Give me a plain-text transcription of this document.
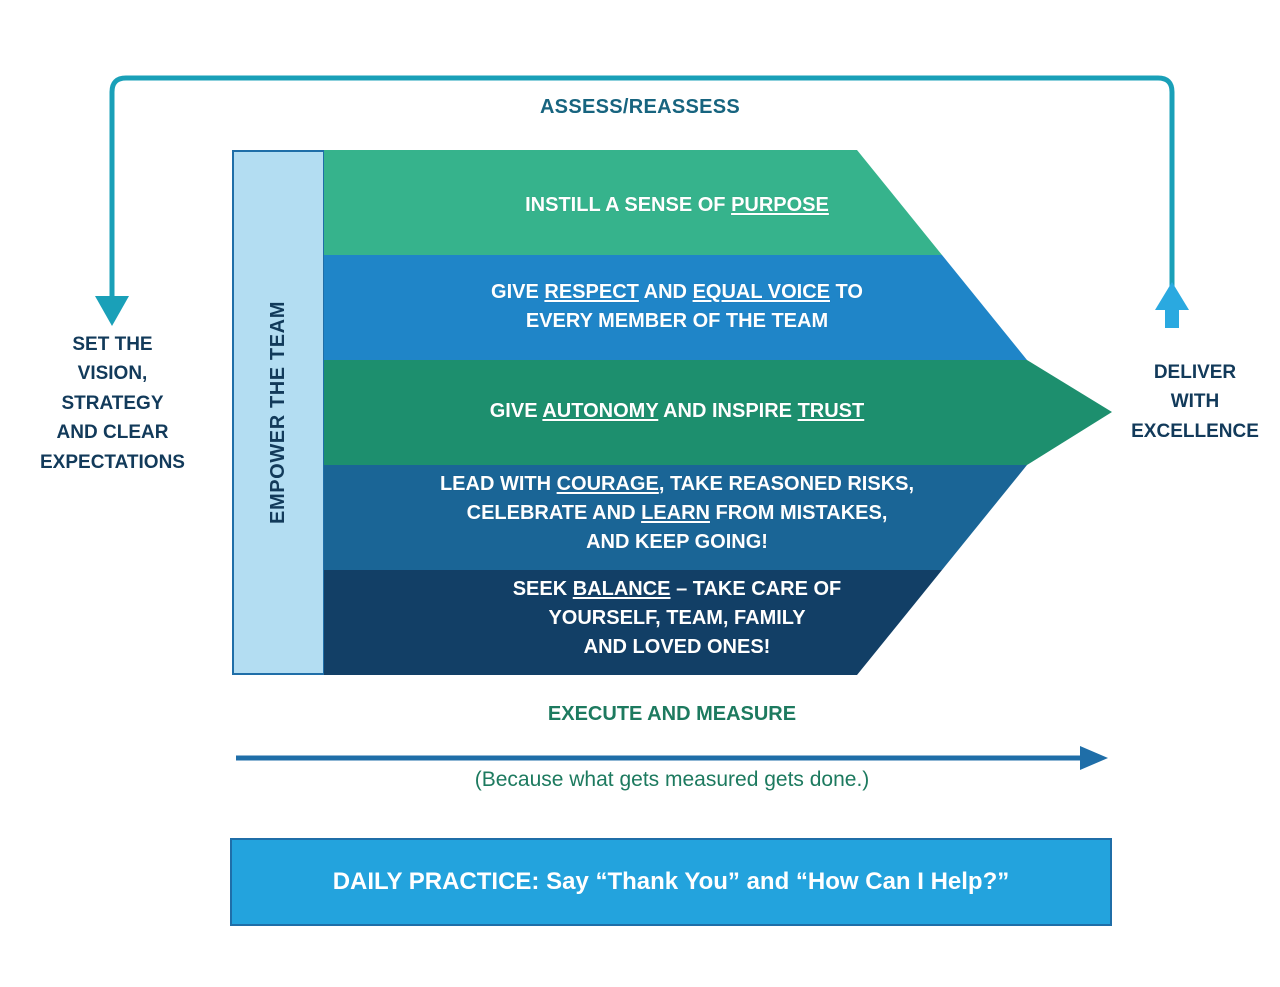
ASSESS/REASSESS
SET THE
VISION,
STRATEGY
AND CLEAR
EXPECTATIONS
DELIVER
WITH
EXCELLENCE
EMPOWER THE TEAM
INSTILL A SENSE OF PURPOSE
GIVE RESPECT AND EQUAL VOICE TO
EVERY MEMBER OF THE TEAM
GIVE AUTONOMY AND INSPIRE TRUST
LEAD WITH COURAGE, TAKE REASONED RISKS,
CELEBRATE AND LEARN FROM MISTAKES,
AND KEEP GOING!
SEEK BALANCE – TAKE CARE OF
YOURSELF, TEAM, FAMILY
AND LOVED ONES!
EXECUTE AND MEASURE
(Because what gets measured gets done.)
DAILY PRACTICE: Say “Thank You” and “How Can I Help?”
